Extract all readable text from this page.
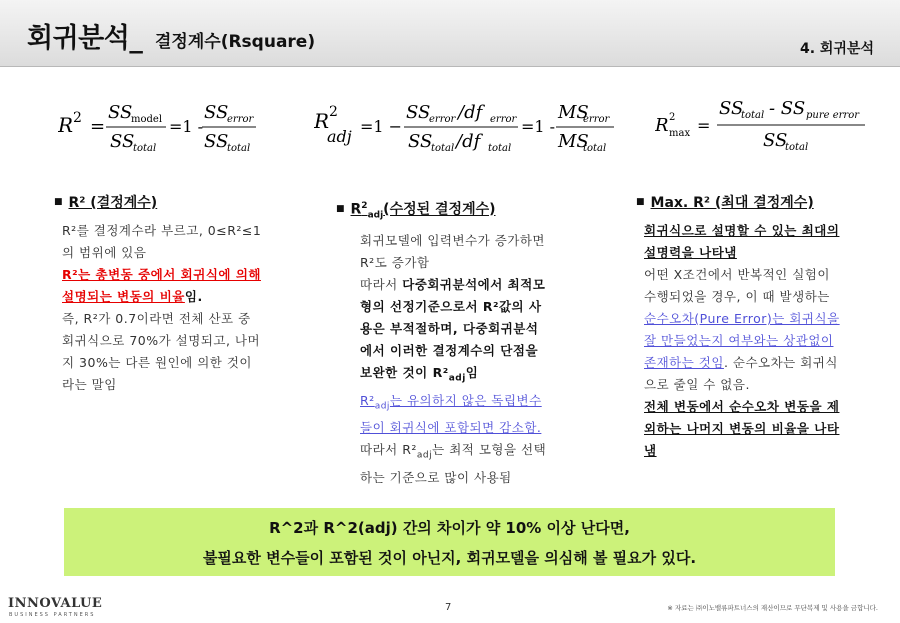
회귀분석_ 결정계수(Rsquare)	4. 회귀분석
R 2 =
SS
model
SS
total
=1 -
SS
error
SS
total
R 2
adj
=1 −
SS
error /df error
SS
total /df total
=1 -
MS
error
MS
total
R 2
max =
SS
total - SS pure error
SS
total
■ R² (결정계수)

R²를 결정계수라 부르고, 0≤R²≤1

의 범위에 있음

R²는 총변동 중에서 회귀식에 의해

설명되는 변동의 비율임.

즉, R²가 0.7이라면 전체 산포 중

회귀식으로 70%가 설명되고, 나머

지 30%는 다른 원인에 의한 것이

라는 말임

■ $R^2_{adj}$(수정된 결정계수)

회귀모델에 입력변수가 증가하면

R²도 증가함

따라서 다중회귀분석에서 최적모

형의 선정기준으로서 R²값의 사

용은 부적절하며, 다중회귀분석

에서 이러한 결정계수의 단점을

보완한 것이 $R^2_{adj}$임

$R^2_{adj}$는 유의하지 않은 독립변수

들이 회귀식에 포함되면 감소함.

따라서 $R^2_{adj}$는 최적 모형을 선택

하는 기준으로 많이 사용됨

■ Max. R² (최대 결정계수)

회귀식으로 설명할 수 있는 최대의

설명력을 나타냄

어떤 X조건에서 반복적인 실험이

수행되었을 경우, 이 때 발생하는

순수오차(Pure Error)는 회귀식을

잘 만들었는지 여부와는 상관없이

존재하는 것임. 순수오차는 회귀식

으로 줄일 수 없음.

전체 변동에서 순수오차 변동을 제

외하는 나머지 변동의 비율을 나타

냄

R^2과 R^2(adj) 간의 차이가 약 10% 이상 난다면,

불필요한 변수들이 포함된 것이 아닌지, 회귀모델을 의심해 볼 필요가 있다.

INNOVALUE
BUSINESS PARTNERS
7	※ 자료는 ㈜이노밸류파트너스의 재산이므로 무단복제 및 사용을 금합니다.
